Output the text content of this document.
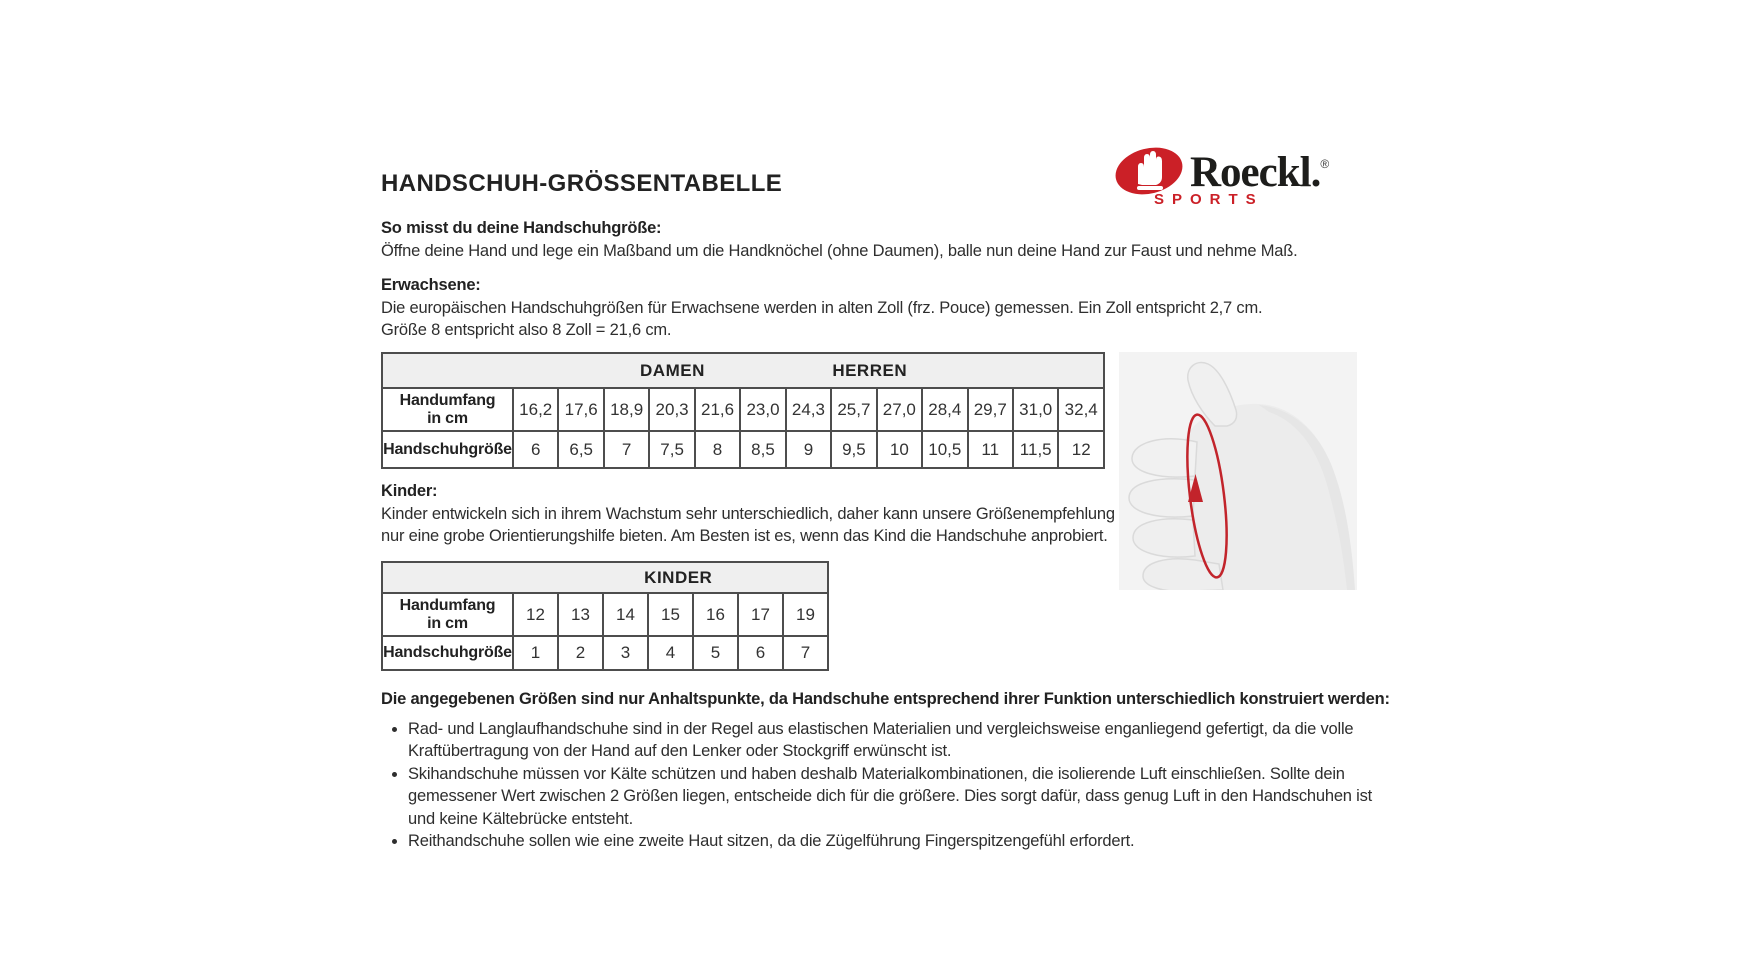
Roeckl.®
SPORTS
HANDSCHUH-GRÖSSENTABELLE
So misst du deine Handschuhgröße:
Öffne deine Hand und lege ein Maßband um die Handknöchel (ohne Daumen), balle nun deine Hand zur Faust und nehme Maß.
Erwachsene:
Die europäischen Handschuhgrößen für Erwachsene werden in alten Zoll (frz. Pouce) gemessen. Ein Zoll entspricht 2,7 cm.
Größe 8 entspricht also 8 Zoll = 21,6 cm.
DAMEN HERREN													

Handumfang
in cm	16,2	17,6	18,9	20,3	21,6	23,0	24,3	25,7	27,0	28,4	29,7	31,0	32,4
Handschuhgröße	6	6,5	7	7,5	8	8,5	9	9,5	10	10,5	11	11,5	12
Kinder:
Kinder entwickeln sich in ihrem Wachstum sehr unterschiedlich, daher kann unsere Größenempfehlung
nur eine grobe Orientierungshilfe bieten. Am Besten ist es, wenn das Kind die Handschuhe anprobiert.
KINDER							

Handumfang
in cm	12	13	14	15	16	17	19
Handschuhgröße	1	2	3	4	5	6	7
Die angegebenen Größen sind nur Anhaltspunkte, da Handschuhe entsprechend ihrer Funktion unterschiedlich konstruiert werden:
• Rad- und Langlaufhandschuhe sind in der Regel aus elastischen Materialien und vergleichsweise enganliegend gefertigt, da die volle Kraftübertragung von der Hand auf den Lenker oder Stockgriff erwünscht ist.
• Skihandschuhe müssen vor Kälte schützen und haben deshalb Materialkombinationen, die isolierende Luft einschließen. Sollte dein gemessener Wert zwischen 2 Größen liegen, entscheide dich für die größere. Dies sorgt dafür, dass genug Luft in den Handschuhen ist und keine Kältebrücke entsteht.
• Reithandschuhe sollen wie eine zweite Haut sitzen, da die Zügelführung Fingerspitzengefühl erfordert.
